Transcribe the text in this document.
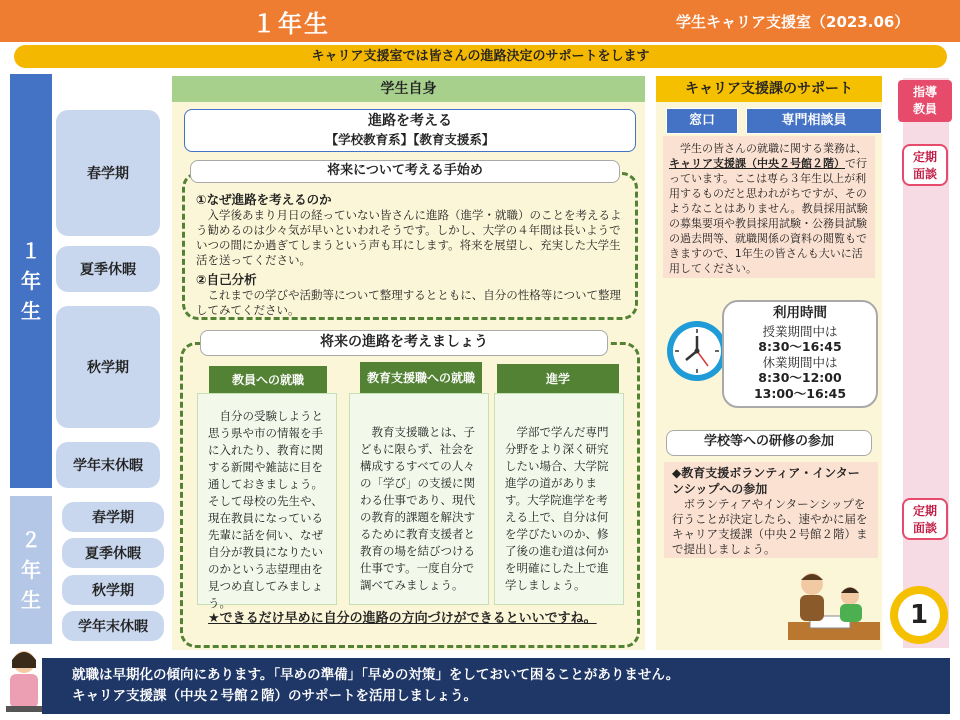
１年生	学生キャリア支援室（2023.06）
キャリア支援室では皆さんの進路決定のサポートをします
１
年
生
２
年
生
春学期
夏季休暇
秋学期
学年末休暇
春学期
夏季休暇
秋学期
学年末休暇
学生自身
進路を考える
【学校教育系】【教育支援系】
将来について考える手始め
①なぜ進路を考えるのか
　入学後あまり月日の経っていない皆さんに進路（進学・就職）のことを考えるよう勧めるのは少々気が早いといわれそうです。しかし、大学の４年間は長いようでいつの間にか過ぎてしまうという声も耳にします。将来を展望し、充実した大学生活を送ってください。
②自己分析
　これまでの学びや活動等について整理するとともに、自分の性格等について整理してみてください。
将来の進路を考えましょう
教員への就職
　自分の受験しようと思う県や市の情報を手に入れたり、教育に関する新聞や雑誌に目を通しておきましょう。そして母校の先生や、現在教員になっている先輩に話を伺い、なぜ自分が教員になりたいのかという志望理由を見つめ直してみましょう。
教育支援職への就職
　教育支援職とは、子どもに限らず、社会を構成するすべての人々の「学び」の支援に関わる仕事であり、現代の教育的課題を解決するために教育支援者と教育の場を結びつける仕事です。一度自分で調べてみましょう。
進学
　学部で学んだ専門分野をより深く研究したい場合、大学院進学の道があります。大学院進学を考える上で、自分は何を学びたいのか、修了後の進む道は何かを明確にした上で進学しましょう。
★できるだけ早めに自分の進路の方向づけができるといいですね。
キャリア支援課のサポート
窓口	専門相談員
　学生の皆さんの就職に関する業務は、キャリア支援課（中央２号館２階）で行っています。ここは専ら３年生以上が利用するものだと思われがちですが、そのようなことはありません。教員採用試験の募集要項や教員採用試験・公務員試験の過去問等、就職関係の資料の閲覧もできますので、1年生の皆さんも大いに活用してください。
利用時間
授業期間中は
8:30〜16:45
休業期間中は
8:30〜12:00
13:00〜16:45
学校等への研修の参加
◆教育支援ボランティア・インターンシップへの参加
　ボランティアやインターンシップを行うことが決定したら、速やかに届をキャリア支援課（中央２号館２階）まで提出しましょう。
指導
教員
定期
面談
定期
面談
1
就職は早期化の傾向にあります。「早めの準備」「早めの対策」をしておいて困ることがありません。
キャリア支援課（中央２号館２階）のサポートを活用しましょう。
